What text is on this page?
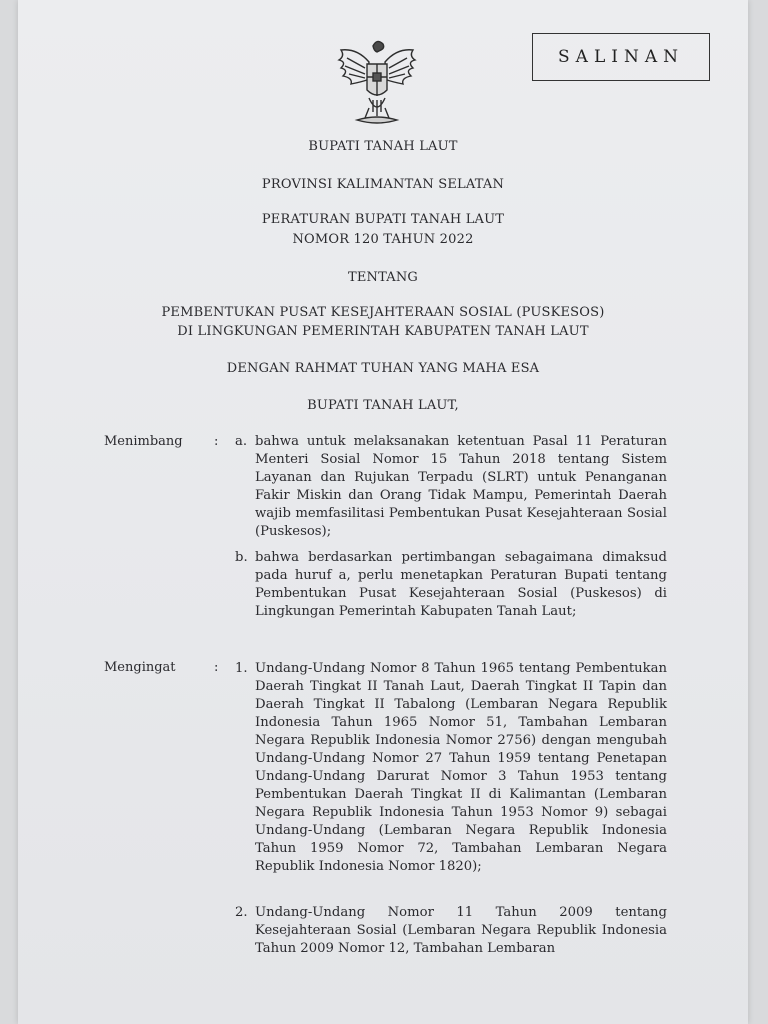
SALINAN
BUPATI TANAH LAUT
PROVINSI KALIMANTAN SELATAN
PERATURAN BUPATI TANAH LAUT
NOMOR 120 TAHUN 2022
TENTANG
PEMBENTUKAN PUSAT KESEJAHTERAAN SOSIAL (PUSKESOS)
DI LINGKUNGAN PEMERINTAH KABUPATEN TANAH LAUT
DENGAN RAHMAT TUHAN YANG MAHA ESA
BUPATI TANAH LAUT,
Menimbang : a. bahwa untuk melaksanakan ketentuan Pasal 11 Peraturan Menteri Sosial Nomor 15 Tahun 2018 tentang Sistem Layanan dan Rujukan Terpadu (SLRT) untuk Penanganan Fakir Miskin dan Orang Tidak Mampu, Pemerintah Daerah wajib memfasilitasi Pembentukan Pusat Kesejahteraan Sosial (Puskesos);
b. bahwa berdasarkan pertimbangan sebagaimana dimaksud pada huruf a, perlu menetapkan Peraturan Bupati tentang Pembentukan Pusat Kesejahteraan Sosial (Puskesos) di Lingkungan Pemerintah Kabupaten Tanah Laut;
Mengingat	: 1. Undang-Undang Nomor 8 Tahun 1965 tentang Pembentukan Daerah Tingkat II Tanah Laut, Daerah Tingkat II Tapin dan Daerah Tingkat II Tabalong (Lembaran Negara Republik Indonesia Tahun 1965 Nomor 51, Tambahan Lembaran Negara Republik Indonesia Nomor 2756) dengan mengubah Undang-Undang Nomor 27 Tahun 1959 tentang Penetapan Undang-Undang Darurat Nomor 3 Tahun 1953 tentang Pembentukan Daerah Tingkat II di Kalimantan (Lembaran Negara Republik Indonesia Tahun 1953 Nomor 9) sebagai Undang-Undang (Lembaran Negara Republik Indonesia Tahun 1959 Nomor 72, Tambahan Lembaran Negara Republik Indonesia Nomor 1820);
2. Undang-Undang Nomor 11 Tahun 2009 tentang Kesejahteraan Sosial (Lembaran Negara Republik Indonesia Tahun 2009 Nomor 12, Tambahan Lembaran
